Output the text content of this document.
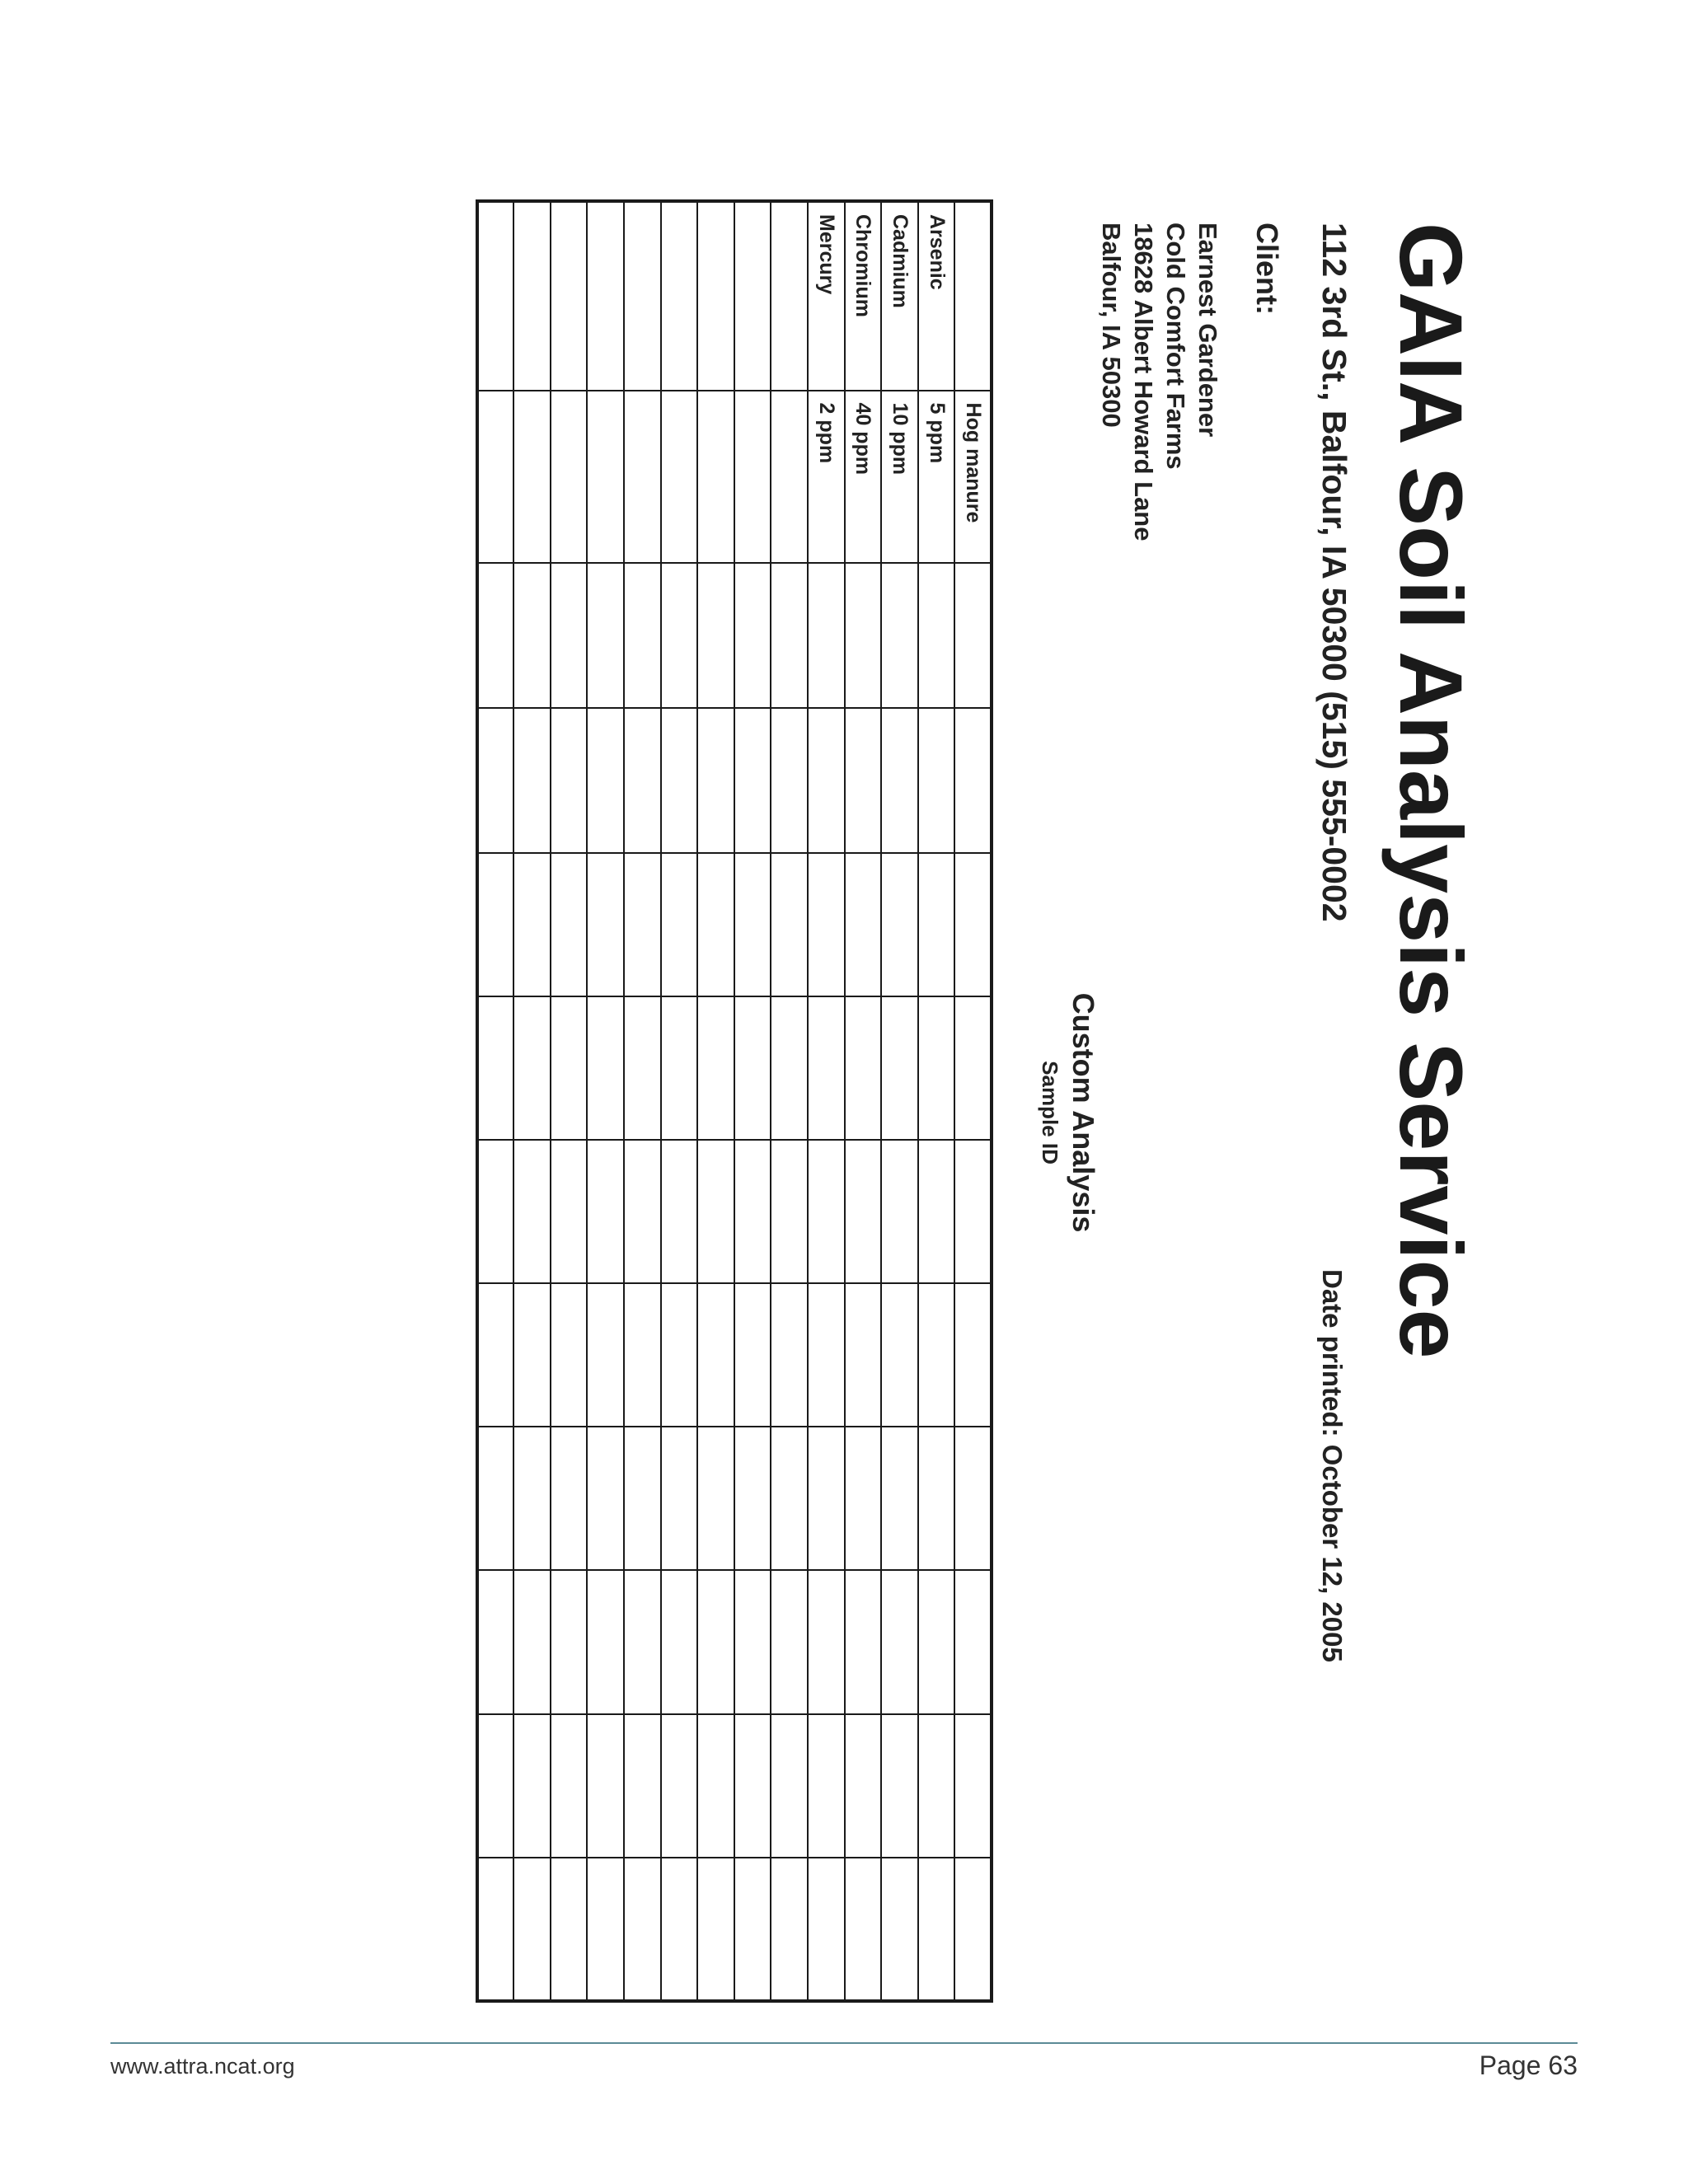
GAIA Soil Analysis Service
112 3rd St., Balfour, IA 50300 (515) 555-0002
Date printed: October 12, 2005
Client:
Earnest Gardener
Cold Comfort Farms
18628 Albert Howard Lane
Balfour, IA 50300
Custom Analysis
Sample ID
	Hog manure										
Arsenic	5 ppm										
Cadmium	10 ppm										
Chromium	40 ppm										
Mercury	2 ppm										

www.attra.ncat.org	Page 63
